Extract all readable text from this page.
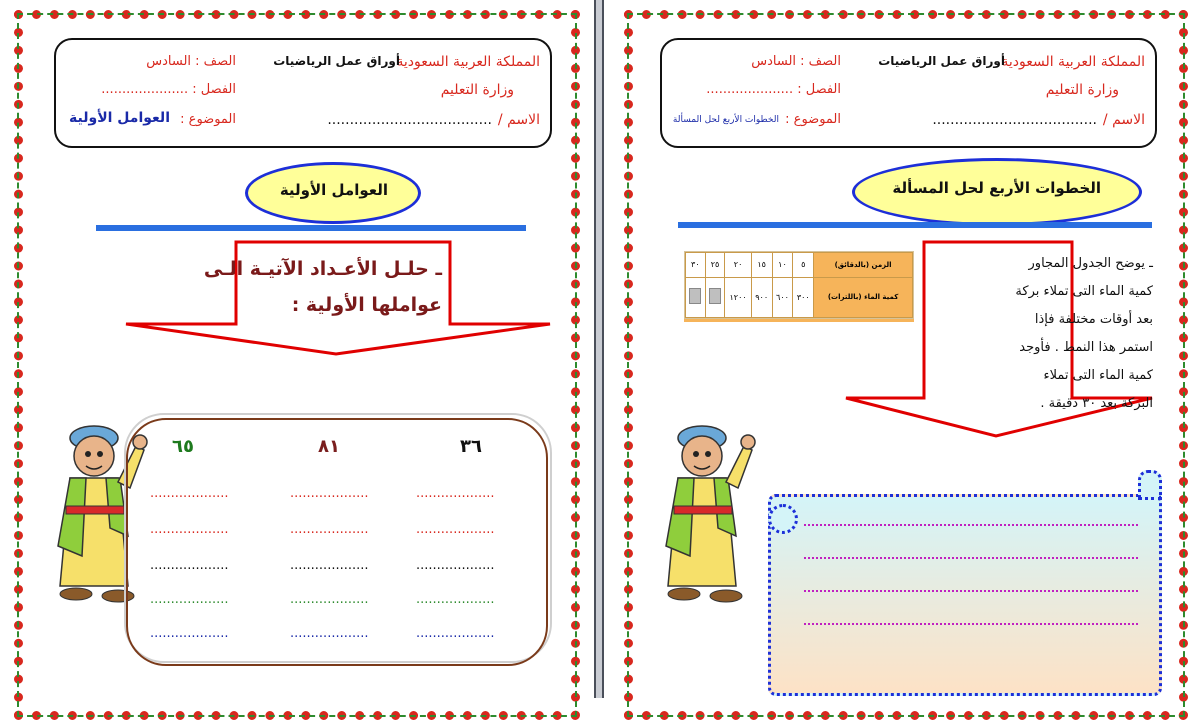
المملكة العربية السعودية
أوراق عمل الرياضيات
الصف : السادس
وزارة التعليم
الفصل : .....................
الاسم /
.....................................
الموضوع :
العوامل الأولية
العوامل الأولية
ـ حلـل الأعـداد الآتيـة الـى
عواملها الأولية :
٣٦
٨١
٦٥
...................
...................
...................
...................
...................
...................
...................
...................
...................
...................
...................
...................
...................
...................
...................
المملكة العربية السعودية
أوراق عمل الرياضيات
الصف : السادس
وزارة التعليم
الفصل : .....................
الاسم /
.....................................
الموضوع :
الخطوات الأربع لحل المسألة
الخطوات الأربع لحل المسألة
ـ يوضح الجدول المجاور
كمية الماء التى تملاء بركة
بعد أوقات مختلفة فإذا
استمر هذا النمط . فأوجد
كمية الماء التى تملاء
البركة بعد ٣٠ دقيقة .
الزمن (بالدقائق)	٥	١٠	١٥	٢٠	٢٥	٣٠
كمية الماء (باللترات)	٣٠٠	٦٠٠	٩٠٠	١٢٠٠		
